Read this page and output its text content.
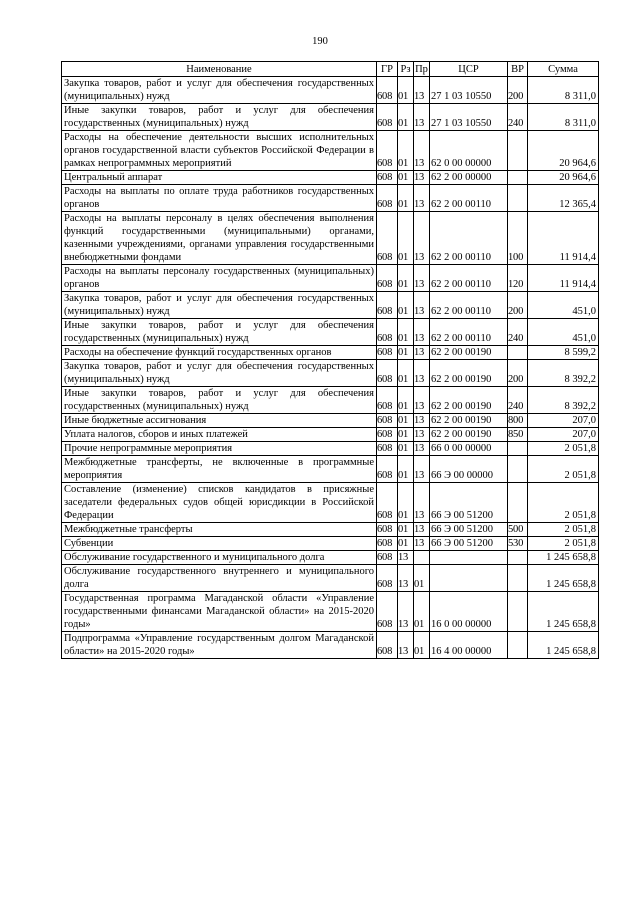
190
Наименование	ГР	Рз	Пр	ЦСР	ВР	Сумма
Закупка товаров, работ и услуг для обеспечения государственных (муниципальных) нужд	608	01	13	27 1 03 10550	200	8 311,0
Иные закупки товаров, работ и услуг для обеспечения государственных (муниципальных) нужд	608	01	13	27 1 03 10550	240	8 311,0
Расходы на обеспечение деятельности высших исполнительных органов государственной власти субъектов Российской Федерации в рамках непрограммных мероприятий	608	01	13	62 0 00 00000		20 964,6
Центральный аппарат	608	01	13	62 2 00 00000		20 964,6
Расходы на выплаты по оплате труда работников государственных органов	608	01	13	62 2 00 00110		12 365,4
Расходы на выплаты персоналу в целях обеспечения выполнения функций государственными (муниципальными) органами, казенными учреждениями, органами управления государственными внебюджетными фондами	608	01	13	62 2 00 00110	100	11 914,4
Расходы на выплаты персоналу государственных (муниципальных) органов	608	01	13	62 2 00 00110	120	11 914,4
Закупка товаров, работ и услуг для обеспечения государственных (муниципальных) нужд	608	01	13	62 2 00 00110	200	451,0
Иные закупки товаров, работ и услуг для обеспечения государственных (муниципальных) нужд	608	01	13	62 2 00 00110	240	451,0
Расходы на обеспечение функций государственных органов	608	01	13	62 2 00 00190		8 599,2
Закупка товаров, работ и услуг для обеспечения государственных (муниципальных) нужд	608	01	13	62 2 00 00190	200	8 392,2
Иные закупки товаров, работ и услуг для обеспечения государственных (муниципальных) нужд	608	01	13	62 2 00 00190	240	8 392,2
Иные бюджетные ассигнования	608	01	13	62 2 00 00190	800	207,0
Уплата налогов, сборов и иных платежей	608	01	13	62 2 00 00190	850	207,0
Прочие непрограммные мероприятия	608	01	13	66 0 00 00000		2 051,8
Межбюджетные трансферты, не включенные в программные мероприятия	608	01	13	66 Э 00 00000		2 051,8
Составление (изменение) списков кандидатов в присяжные заседатели федеральных судов общей юрисдикции в Российской Федерации	608	01	13	66 Э 00 51200		2 051,8
Межбюджетные трансферты	608	01	13	66 Э 00 51200	500	2 051,8
Субвенции	608	01	13	66 Э 00 51200	530	2 051,8
Обслуживание государственного и муниципального долга	608	13				1 245 658,8
Обслуживание государственного внутреннего и муниципального долга	608	13	01			1 245 658,8
Государственная программа Магаданской области «Управление государственными финансами Магаданской области» на 2015-2020 годы»	608	13	01	16 0 00 00000		1 245 658,8
Подпрограмма «Управление государственным долгом Магаданской области» на 2015-2020 годы»	608	13	01	16 4 00 00000		1 245 658,8
